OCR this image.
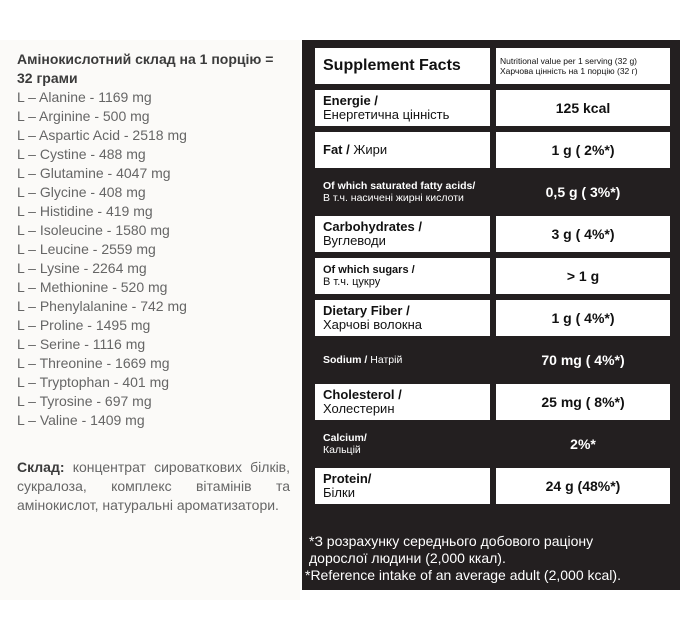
Амінокислотний склад на 1 порцію = 32 грами
L – Alanine - 1169 mg
L – Arginine - 500 mg
L – Aspartic Acid - 2518 mg
L – Cystine - 488 mg
L – Glutamine - 4047 mg
L – Glycine - 408 mg
L – Histidine - 419 mg
L – Isoleucine - 1580 mg
L – Leucine - 2559 mg
L – Lysine - 2264 mg
L – Methionine - 520 mg
L – Phenylalanine - 742 mg
L – Proline - 1495 mg
L – Serine - 1116 mg
L – Threonine - 1669 mg
L – Tryptophan - 401 mg
L – Tyrosine - 697 mg
L – Valine - 1409 mg
Склад: концентрат сироваткових білків, сукралоза, комплекс вітамінів та амінокислот, натуральні ароматизатори.
Supplement Facts	Nutritional value per 1 serving (32 g)
Харчова цінність на 1 порцію (32 г)
Energie /
Енергетична цінність	125 kcal
Fat / Жири	1 g ( 2%*)
Of which saturated fatty acids/
В т.ч. насичені жирні кислоти	0,5 g ( 3%*)
Carbohydrates /
Вуглеводи	3 g ( 4%*)
Of which sugars /
В т.ч. цукру	> 1 g
Dietary Fiber /
Харчові волокна	1 g ( 4%*)
Sodium / Натрій	70 mg ( 4%*)
Cholesterol /
Холестерин	25 mg ( 8%*)
Calcium/
Кальцій	2%*
Protein/
Білки	24 g (48%*)
*З розрахунку середнього добового раціону дорослої людини (2,000 ккал).
*Reference intake of an average adult (2,000 kcal).
